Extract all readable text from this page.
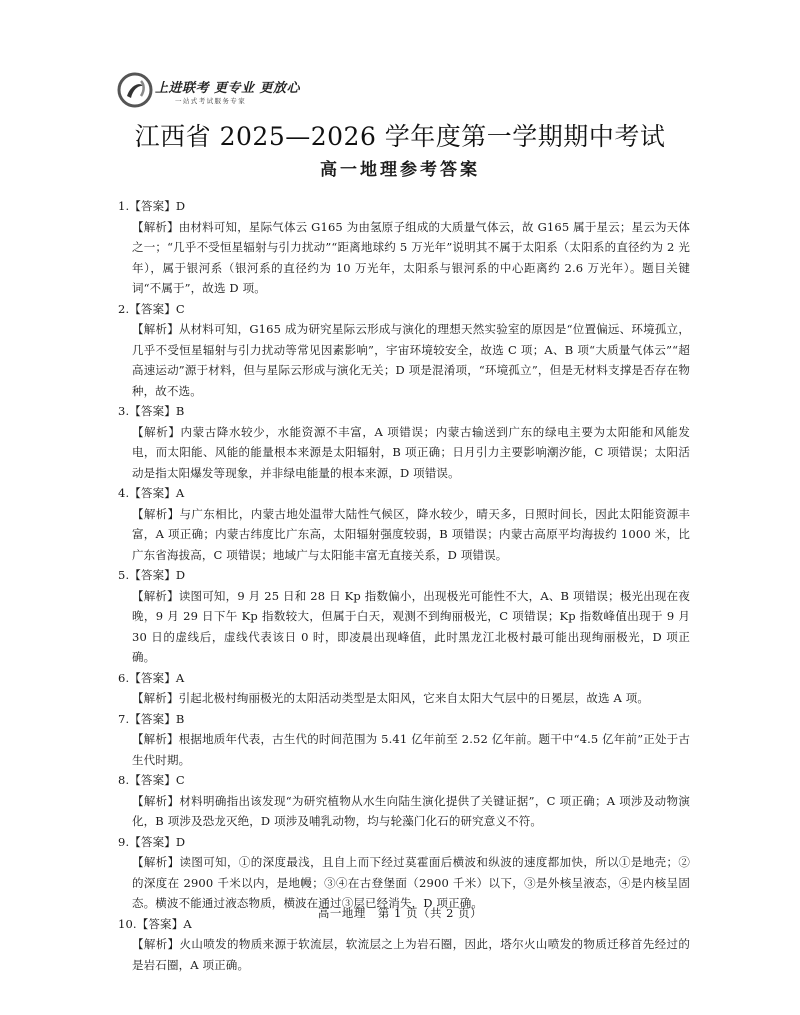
上进联考 更专业 更放心
一站式考试服务专家
江西省 2025—2026 学年度第一学期期中考试
高一地理参考答案
1.【答案】D
【解析】由材料可知，星际气体云 G165 为由氢原子组成的大质量气体云，故 G165 属于星云；星云为天体之一；“几乎不受恒星辐射与引力扰动”“距离地球约 5 万光年”说明其不属于太阳系（太阳系的直径约为 2 光年），属于银河系（银河系的直径约为 10 万光年，太阳系与银河系的中心距离约 2.6 万光年）。题目关键词“不属于”，故选 D 项。
2.【答案】C
【解析】从材料可知，G165 成为研究星际云形成与演化的理想天然实验室的原因是“位置偏远、环境孤立，几乎不受恒星辐射与引力扰动等常见因素影响”，宇宙环境较安全，故选 C 项；A、B 项“大质量气体云”“超高速运动”源于材料，但与星际云形成与演化无关；D 项是混淆项，“环境孤立”，但是无材料支撑是否存在物种，故不选。
3.【答案】B
【解析】内蒙古降水较少，水能资源不丰富，A 项错误；内蒙古输送到广东的绿电主要为太阳能和风能发电，而太阳能、风能的能量根本来源是太阳辐射，B 项正确；日月引力主要影响潮汐能，C 项错误；太阳活动是指太阳爆发等现象，并非绿电能量的根本来源，D 项错误。
4.【答案】A
【解析】与广东相比，内蒙古地处温带大陆性气候区，降水较少，晴天多，日照时间长，因此太阳能资源丰富，A 项正确；内蒙古纬度比广东高，太阳辐射强度较弱，B 项错误；内蒙古高原平均海拔约 1000 米，比广东省海拔高，C 项错误；地域广与太阳能丰富无直接关系，D 项错误。
5.【答案】D
【解析】读图可知，9 月 25 日和 28 日 Kp 指数偏小，出现极光可能性不大，A、B 项错误；极光出现在夜晚，9 月 29 日下午 Kp 指数较大，但属于白天，观测不到绚丽极光，C 项错误；Kp 指数峰值出现于 9 月 30 日的虚线后，虚线代表该日 0 时，即凌晨出现峰值，此时黑龙江北极村最可能出现绚丽极光，D 项正确。
6.【答案】A
【解析】引起北极村绚丽极光的太阳活动类型是太阳风，它来自太阳大气层中的日冕层，故选 A 项。
7.【答案】B
【解析】根据地质年代表，古生代的时间范围为 5.41 亿年前至 2.52 亿年前。题干中“4.5 亿年前”正处于古生代时期。
8.【答案】C
【解析】材料明确指出该发现“为研究植物从水生向陆生演化提供了关键证据”，C 项正确；A 项涉及动物演化，B 项涉及恐龙灭绝，D 项涉及哺乳动物，均与轮藻门化石的研究意义不符。
9.【答案】D
【解析】读图可知，①的深度最浅，且自上而下经过莫霍面后横波和纵波的速度都加快，所以①是地壳；②的深度在 2900 千米以内，是地幔；③④在古登堡面（2900 千米）以下，③是外核呈液态，④是内核呈固态。横波不能通过液态物质，横波在通过③层已经消失，D 项正确。
10.【答案】A
【解析】火山喷发的物质来源于软流层，软流层之上为岩石圈，因此，塔尔火山喷发的物质迁移首先经过的是岩石圈，A 项正确。
高一地理　第 1 页（共 2 页）
